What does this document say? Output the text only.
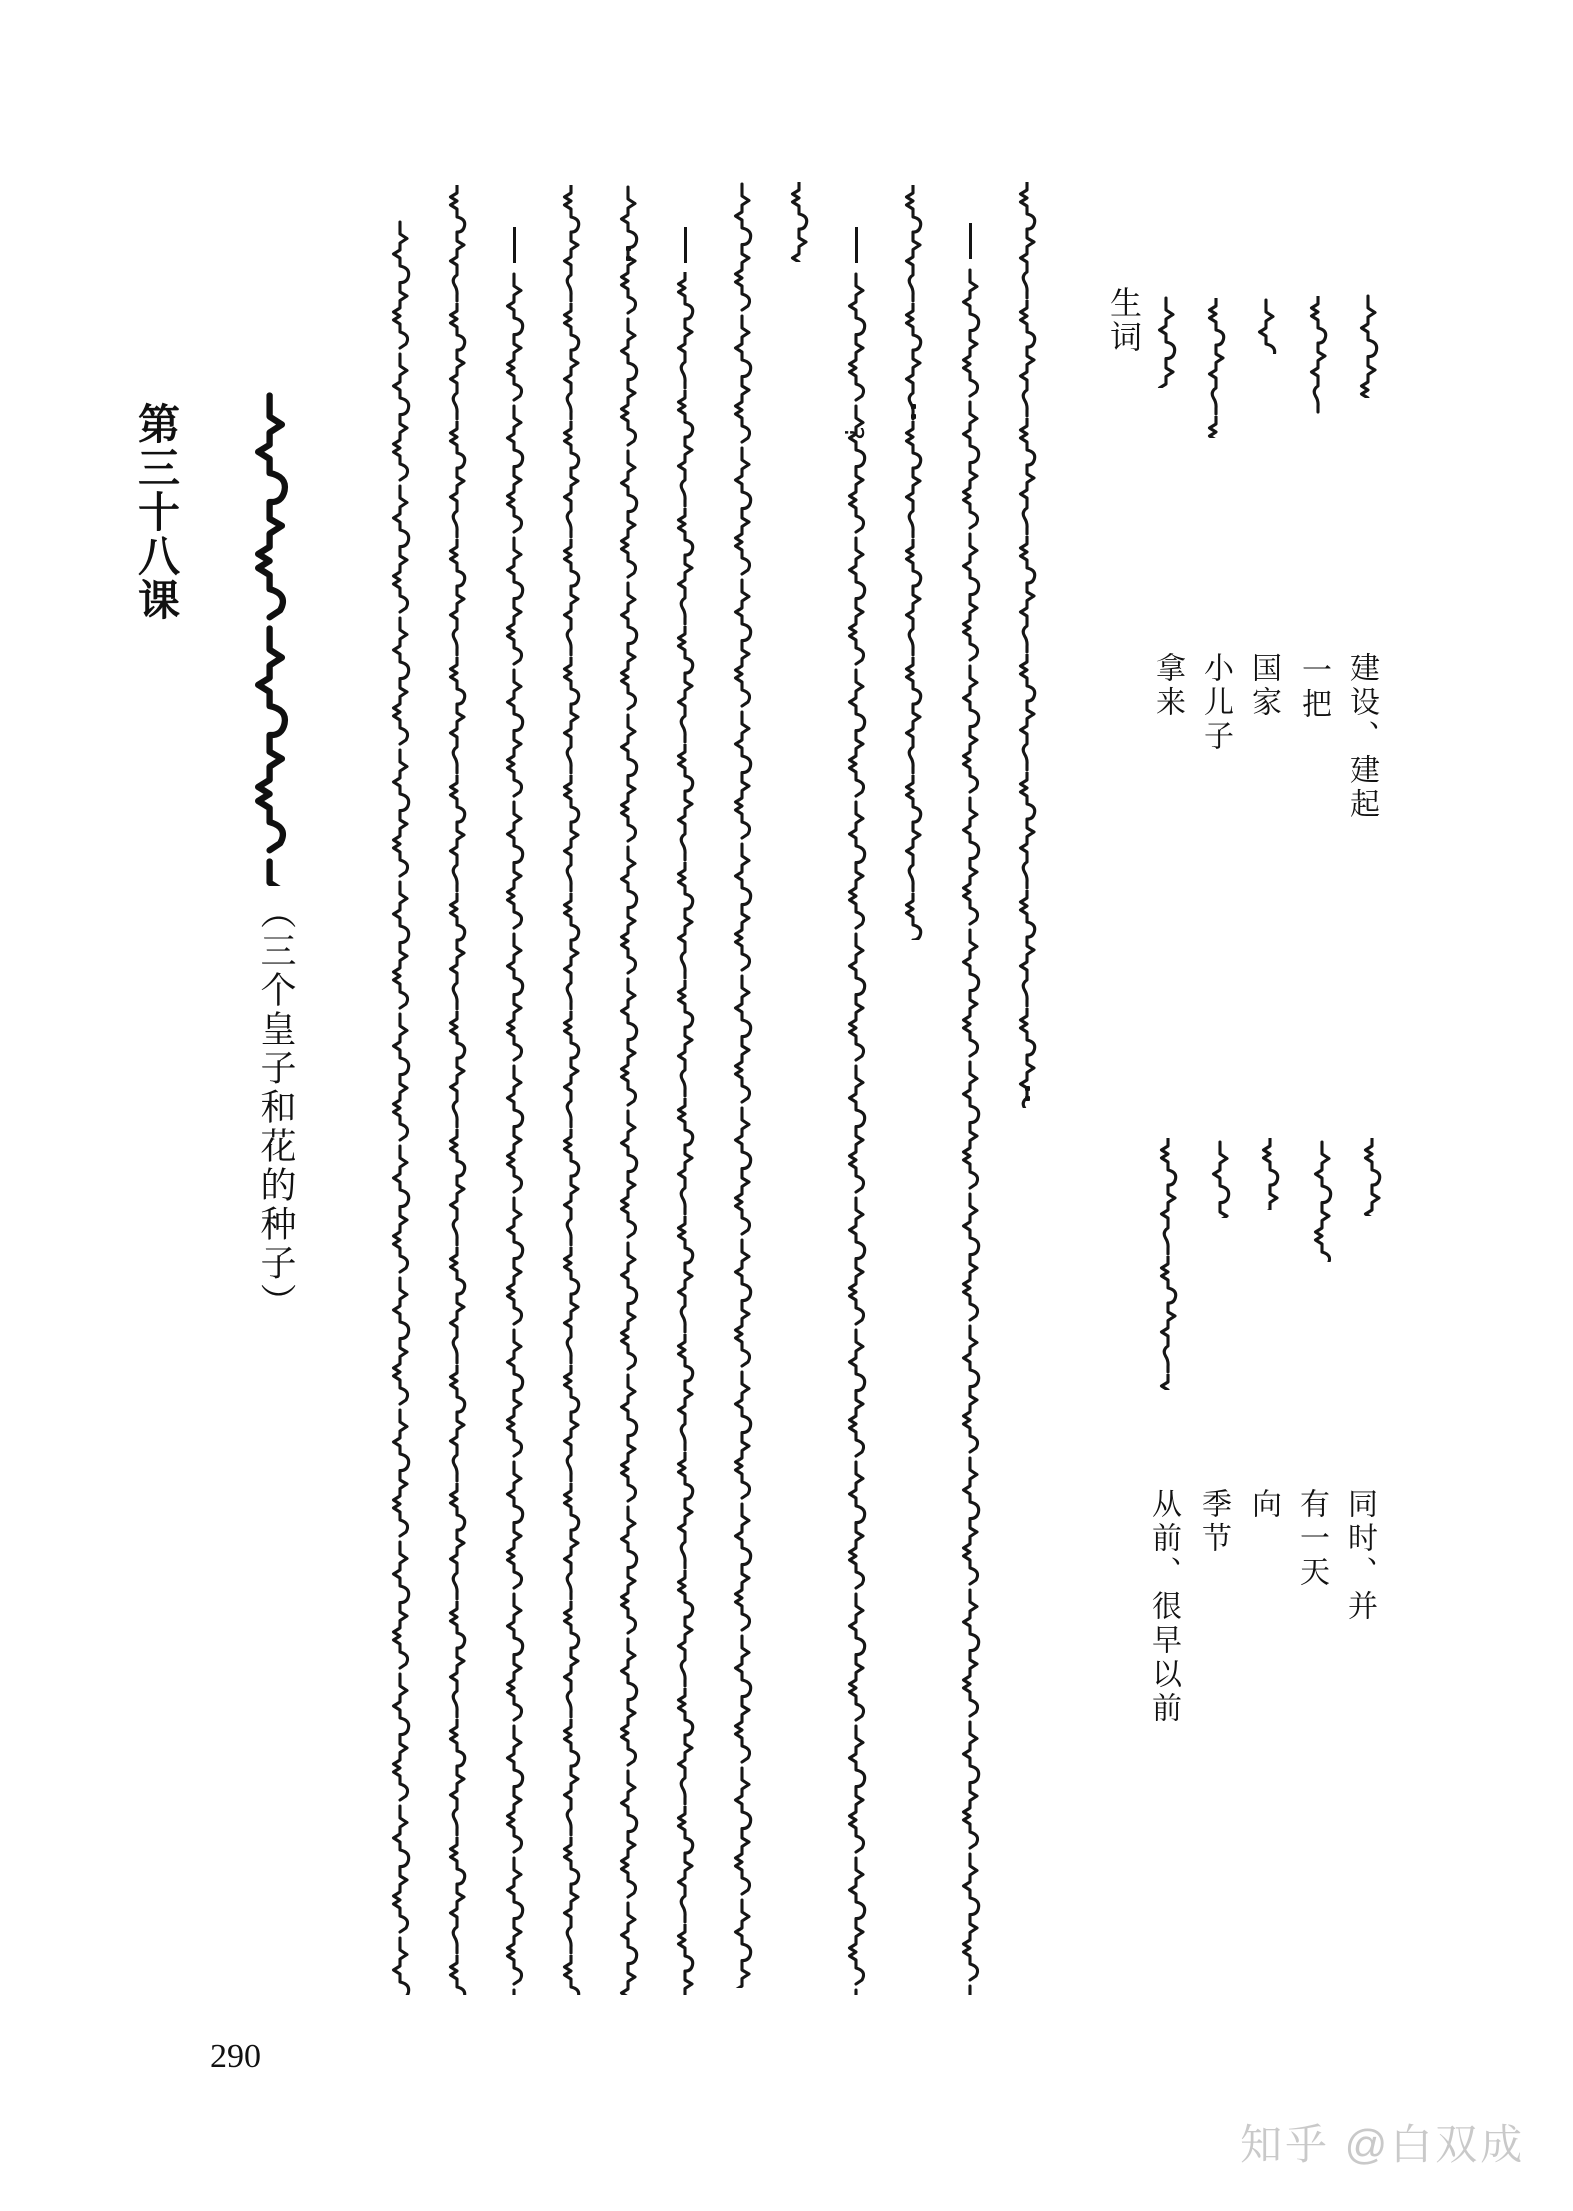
第三十八课
（三个皇子和花的种子）
?
生词
建设、建起
一把
国家
小儿子
拿来
同时、并
有一天
向
季节
从前、很早以前
290
知乎 @白双成
